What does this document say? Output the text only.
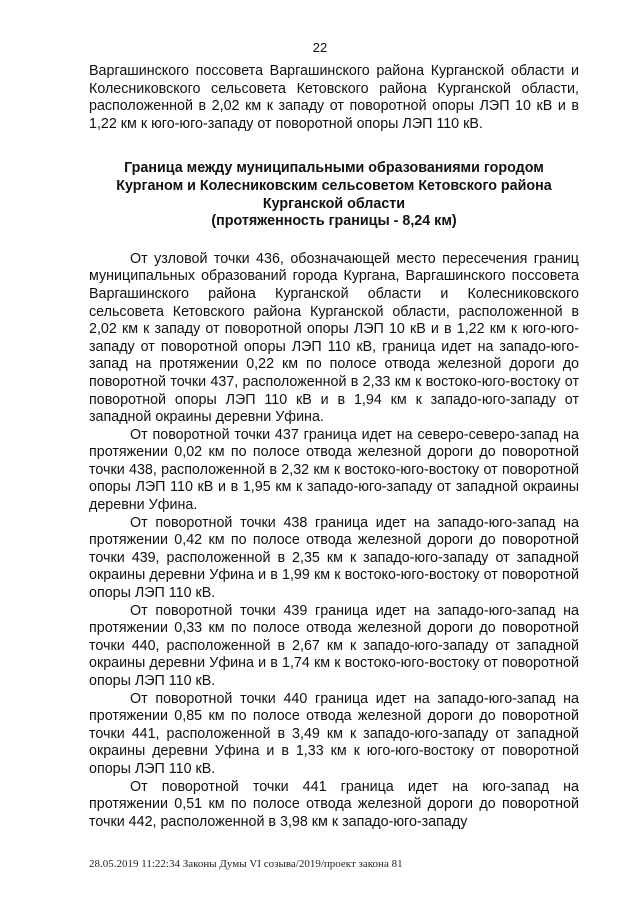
22

Варгашинского поссовета Варгашинского района Курганской области и Колесниковского сельсовета Кетовского района Курганской области, расположенной в 2,02 км к западу от поворотной опоры ЛЭП 10 кВ и в 1,22 км к юго-юго-западу от поворотной опоры ЛЭП 110 кВ.

Граница между муниципальными образованиями городом
Курганом и Колесниковским сельсоветом Кетовского района
Курганской области
(протяженность границы - 8,24 км)

От узловой точки 436, обозначающей место пересечения границ муниципальных образований города Кургана, Варгашинского поссовета Варгашинского района Курганской области и Колесниковского сельсовета Кетовского района Курганской области, расположенной в 2,02 км к западу от поворотной опоры ЛЭП 10 кВ и в 1,22 км к юго-юго-западу от поворотной опоры ЛЭП 110 кВ, граница идет на западо-юго-запад на протяжении 0,22 км по полосе отвода железной дороги до поворотной точки 437, расположенной в 2,33 км к востоко-юго-востоку от поворотной опоры ЛЭП 110 кВ и в 1,94 км к западо-юго-западу от западной окраины деревни Уфина.

От поворотной точки 437 граница идет на северо-северо-запад на протяжении 0,02 км по полосе отвода железной дороги до поворотной точки 438, расположенной в 2,32 км к востоко-юго-востоку от поворотной опоры ЛЭП 110 кВ и в 1,95 км к западо-юго-западу от западной окраины деревни Уфина.

От поворотной точки 438 граница идет на западо-юго-запад на протяжении 0,42 км по полосе отвода железной дороги до поворотной точки 439, расположенной в 2,35 км к западо-юго-западу от западной окраины деревни Уфина и в 1,99 км к востоко-юго-востоку от поворотной опоры ЛЭП 110 кВ.

От поворотной точки 439 граница идет на западо-юго-запад на протяжении 0,33 км по полосе отвода железной дороги до поворотной точки 440, расположенной в 2,67 км к западо-юго-западу от западной окраины деревни Уфина и в 1,74 км к востоко-юго-востоку от поворотной опоры ЛЭП 110 кВ.

От поворотной точки 440 граница идет на западо-юго-запад на протяжении 0,85 км по полосе отвода железной дороги до поворотной точки 441, расположенной в 3,49 км к западо-юго-западу от западной окраины деревни Уфина и в 1,33 км к юго-юго-востоку от поворотной опоры ЛЭП 110 кВ.

От поворотной точки 441 граница идет на юго-запад на протяжении 0,51 км по полосе отвода железной дороги до поворотной точки 442, расположенной в 3,98 км к западо-юго-западу

28.05.2019 11:22:34 Законы Думы VI созыва/2019/проект закона 81
